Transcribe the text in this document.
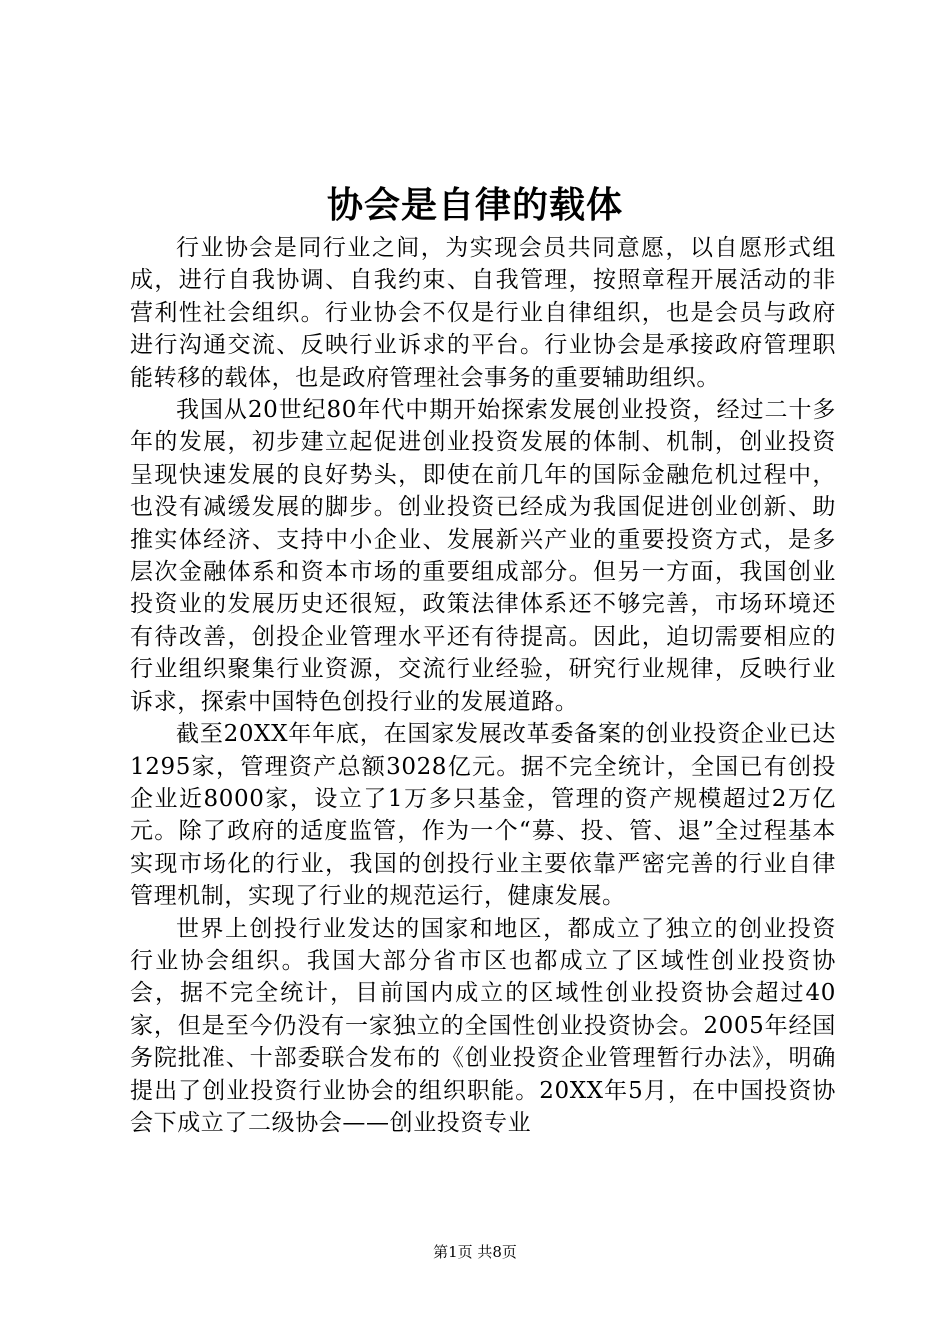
协会是自律的载体

行业协会是同行业之间，为实现会员共同意愿，以自愿形式组成，进行自我协调、自我约束、自我管理，按照章程开展活动的非营利性社会组织。行业协会不仅是行业自律组织，也是会员与政府进行沟通交流、反映行业诉求的平台。行业协会是承接政府管理职能转移的载体，也是政府管理社会事务的重要辅助组织。

我国从20世纪80年代中期开始探索发展创业投资，经过二十多年的发展，初步建立起促进创业投资发展的体制、机制，创业投资呈现快速发展的良好势头，即使在前几年的国际金融危机过程中，也没有减缓发展的脚步。创业投资已经成为我国促进创业创新、助推实体经济、支持中小企业、发展新兴产业的重要投资方式，是多层次金融体系和资本市场的重要组成部分。但另一方面，我国创业投资业的发展历史还很短，政策法律体系还不够完善，市场环境还有待改善，创投企业管理水平还有待提高。因此，迫切需要相应的行业组织聚集行业资源，交流行业经验，研究行业规律，反映行业诉求，探索中国特色创投行业的发展道路。

截至20XX年年底，在国家发展改革委备案的创业投资企业已达1295家，管理资产总额3028亿元。据不完全统计，全国已有创投企业近8000家，设立了1万多只基金，管理的资产规模超过2万亿元。除了政府的适度监管，作为一个“募、投、管、退”全过程基本实现市场化的行业，我国的创投行业主要依靠严密完善的行业自律管理机制，实现了行业的规范运行，健康发展。

世界上创投行业发达的国家和地区，都成立了独立的创业投资行业协会组织。我国大部分省市区也都成立了区域性创业投资协会，据不完全统计，目前国内成立的区域性创业投资协会超过40家，但是至今仍没有一家独立的全国性创业投资协会。2005年经国务院批准、十部委联合发布的《创业投资企业管理暂行办法》，明确提出了创业投资行业协会的组织职能。20XX年5月，在中国投资协会下成立了二级协会——创业投资专业

第1页 共8页
